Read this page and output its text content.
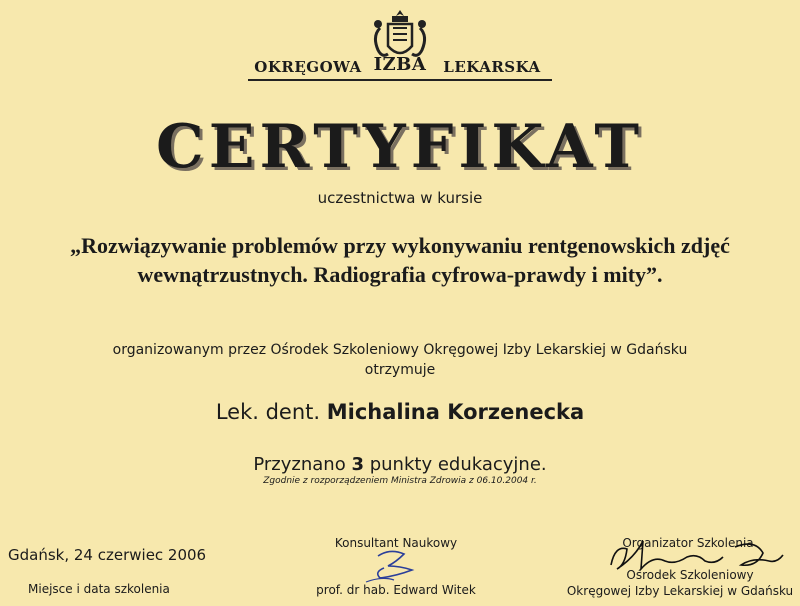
OKRĘGOWA IZBA	LEKARSKA
CERTYFIKAT
uczestnictwa w kursie
„Rozwiązywanie problemów przy wykonywaniu rentgenowskich zdjęć
wewnątrzustnych. Radiografia cyfrowa-prawdy i mity”.
organizowanym przez Ośrodek Szkoleniowy Okręgowej Izby Lekarskiej w Gdańsku
otrzymuje
Lek. dent. Michalina Korzenecka
Przyznano 3 punkty edukacyjne.
Zgodnie z rozporządzeniem Ministra Zdrowia z 06.10.2004 r.
Gdańsk, 24 czerwiec 2006
Miejsce i data szkolenia
Konsultant Naukowy
prof. dr hab. Edward Witek
Organizator Szkolenia
Ośrodek Szkoleniowy
Okręgowej Izby Lekarskiej w Gdańsku
